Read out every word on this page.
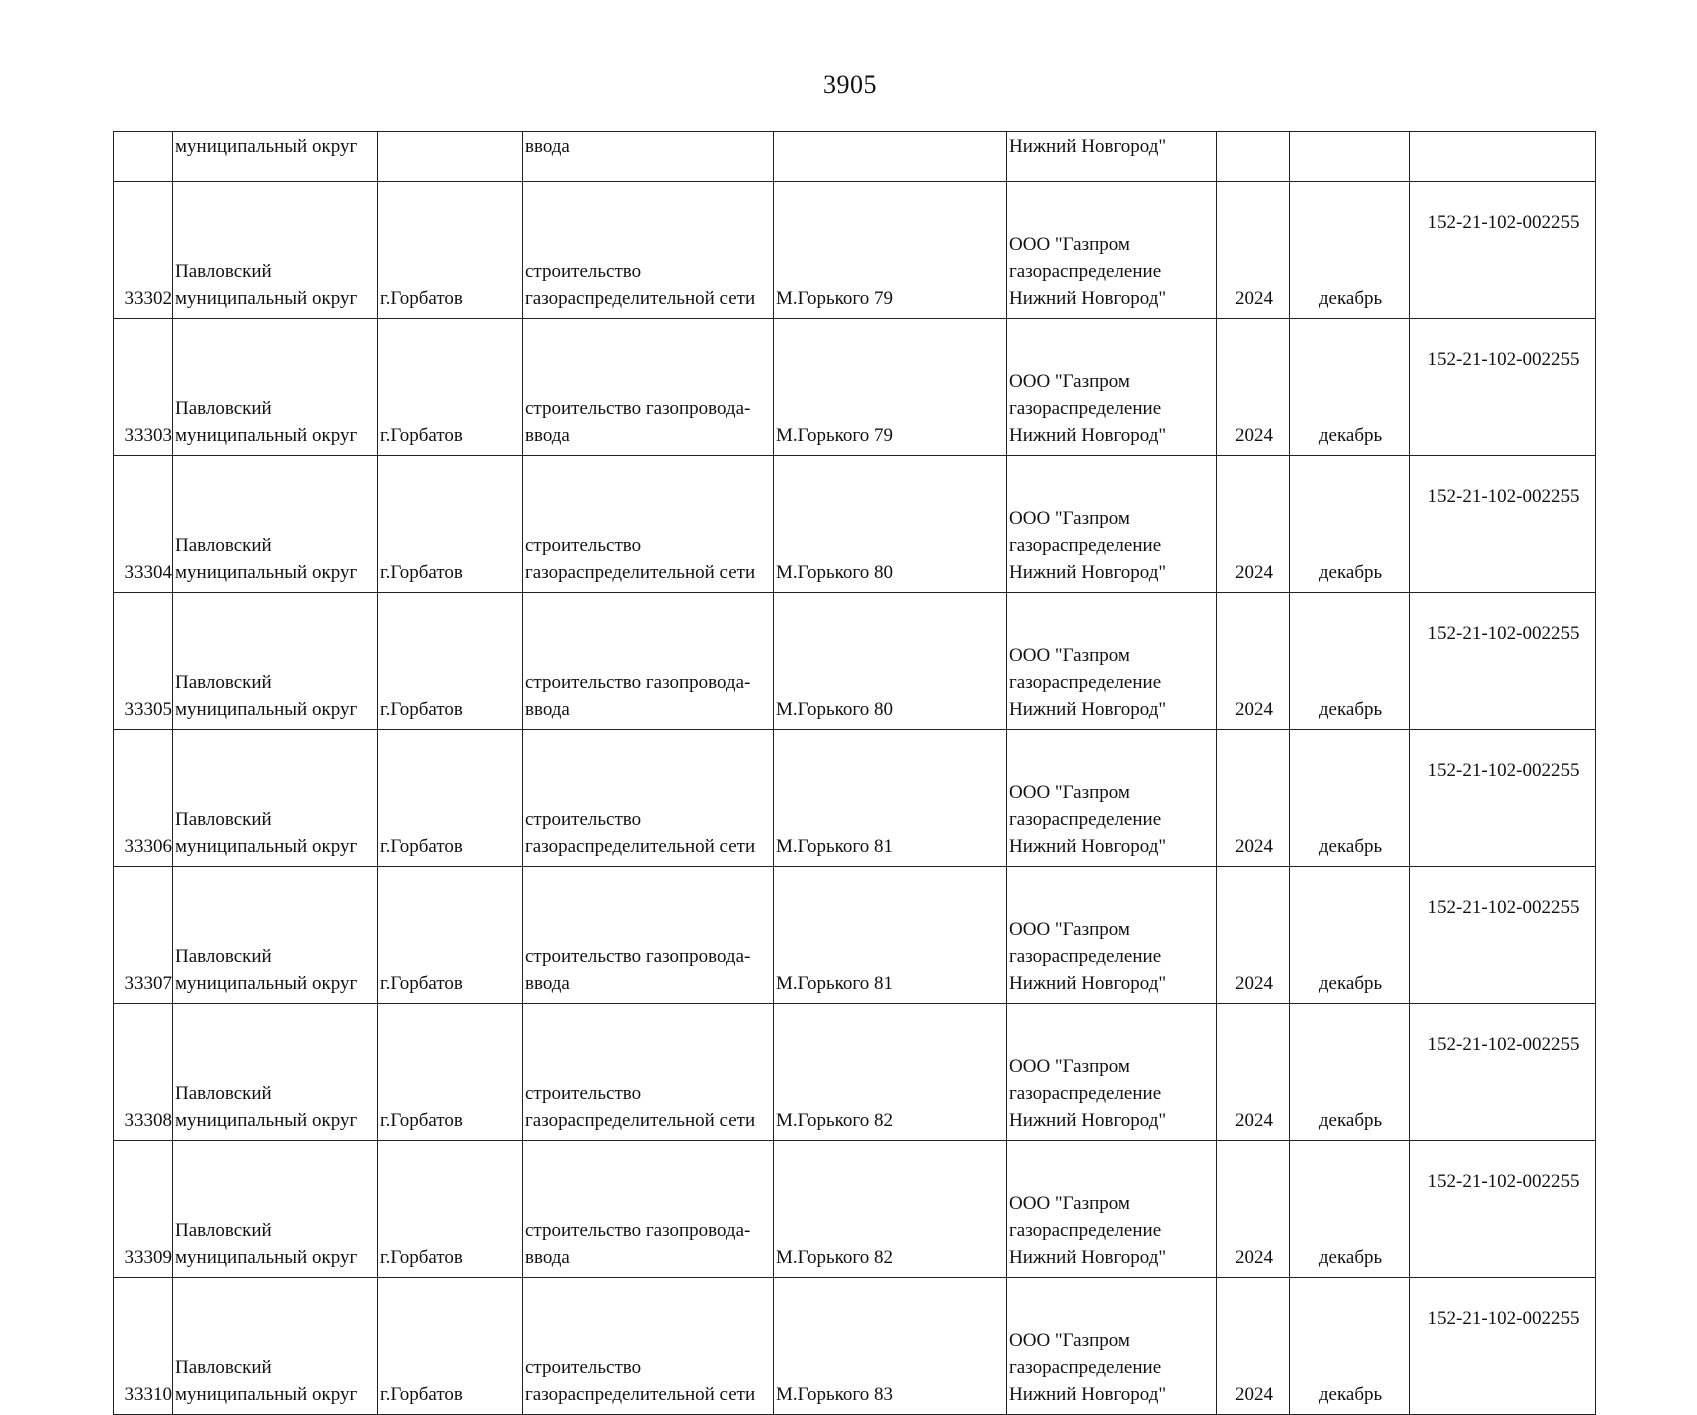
3905
	муниципальный округ		ввода		Нижний Новгород"			
33302	Павловский
муниципальный округ	г.Горбатов	строительство
газораспределительной сети	М.Горького 79	ООО "Газпром
газораспределение
Нижний Новгород"	2024	декабрь	152-21-102-002255
33303	Павловский
муниципальный округ	г.Горбатов	строительство газопровода-
ввода	М.Горького 79	ООО "Газпром
газораспределение
Нижний Новгород"	2024	декабрь	152-21-102-002255
33304	Павловский
муниципальный округ	г.Горбатов	строительство
газораспределительной сети	М.Горького 80	ООО "Газпром
газораспределение
Нижний Новгород"	2024	декабрь	152-21-102-002255
33305	Павловский
муниципальный округ	г.Горбатов	строительство газопровода-
ввода	М.Горького 80	ООО "Газпром
газораспределение
Нижний Новгород"	2024	декабрь	152-21-102-002255
33306	Павловский
муниципальный округ	г.Горбатов	строительство
газораспределительной сети	М.Горького 81	ООО "Газпром
газораспределение
Нижний Новгород"	2024	декабрь	152-21-102-002255
33307	Павловский
муниципальный округ	г.Горбатов	строительство газопровода-
ввода	М.Горького 81	ООО "Газпром
газораспределение
Нижний Новгород"	2024	декабрь	152-21-102-002255
33308	Павловский
муниципальный округ	г.Горбатов	строительство
газораспределительной сети	М.Горького 82	ООО "Газпром
газораспределение
Нижний Новгород"	2024	декабрь	152-21-102-002255
33309	Павловский
муниципальный округ	г.Горбатов	строительство газопровода-
ввода	М.Горького 82	ООО "Газпром
газораспределение
Нижний Новгород"	2024	декабрь	152-21-102-002255
33310	Павловский
муниципальный округ	г.Горбатов	строительство
газораспределительной сети	М.Горького 83	ООО "Газпром
газораспределение
Нижний Новгород"	2024	декабрь	152-21-102-002255
